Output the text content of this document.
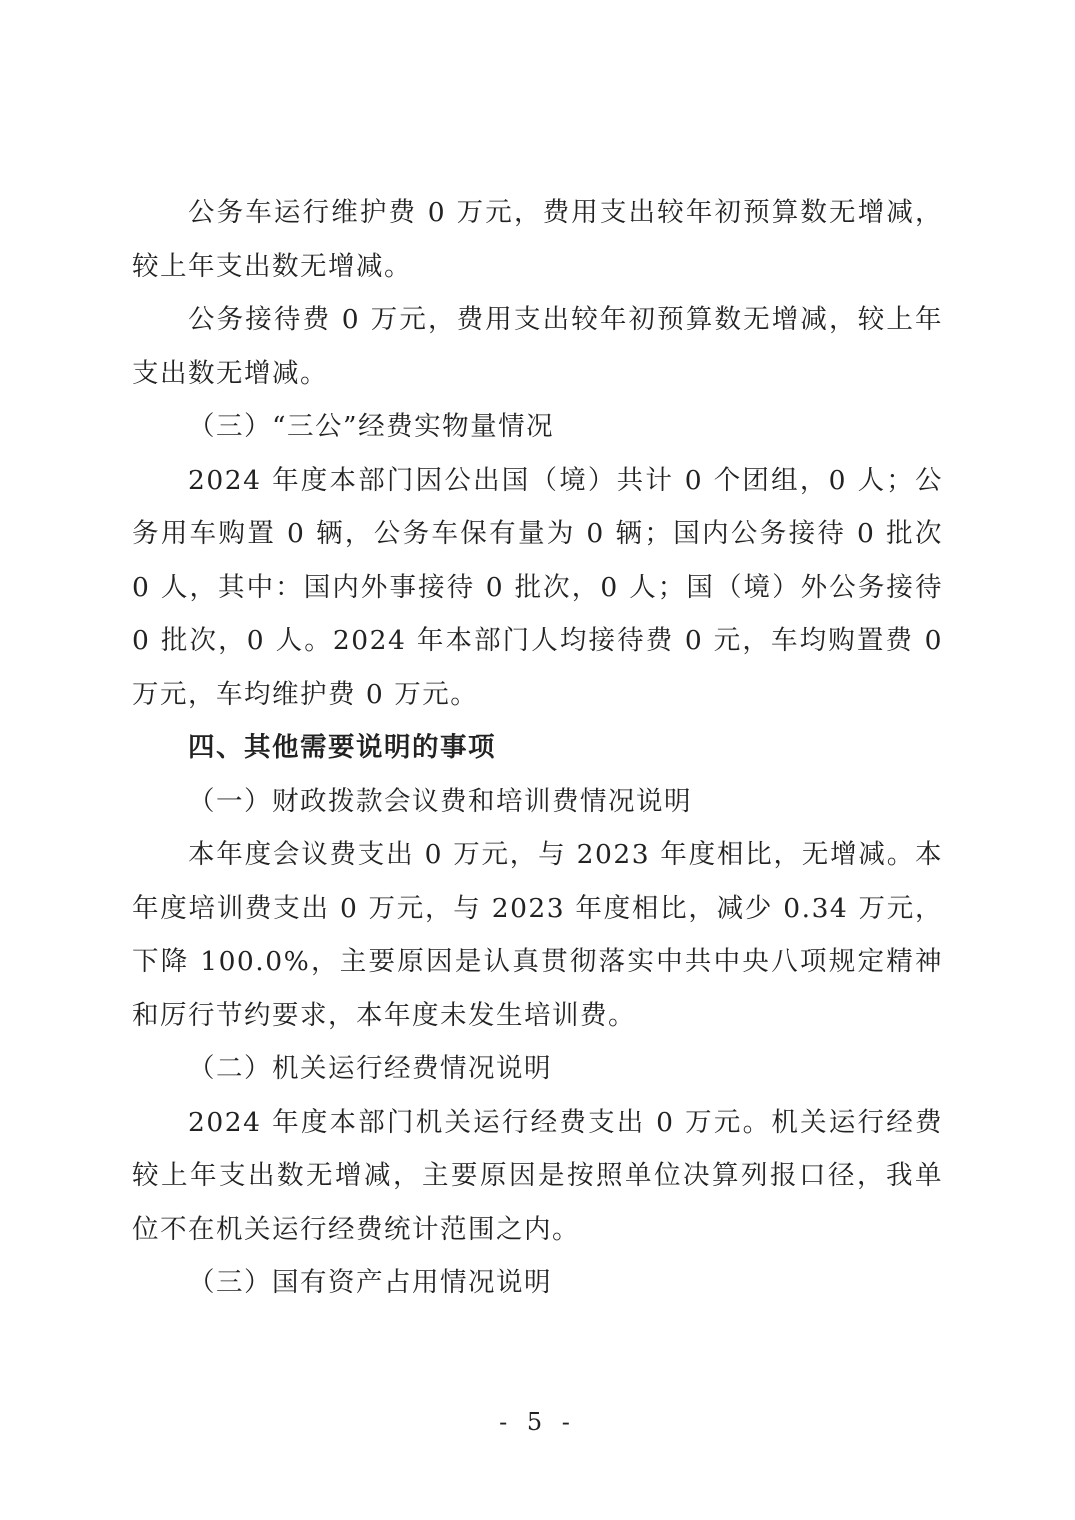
公务车运行维护费 0 万元，费用支出较年初预算数无增减，较上年支出数无增减。

公务接待费 0 万元，费用支出较年初预算数无增减，较上年支出数无增减。

（三）“三公”经费实物量情况

2024 年度本部门因公出国（境）共计 0 个团组，0 人；公务用车购置 0 辆，公务车保有量为 0 辆；国内公务接待 0 批次 0 人，其中：国内外事接待 0 批次，0 人；国（境）外公务接待 0 批次，0 人。2024 年本部门人均接待费 0 元，车均购置费 0 万元，车均维护费 0 万元。

四、其他需要说明的事项

（一）财政拨款会议费和培训费情况说明

本年度会议费支出 0 万元，与 2023 年度相比，无增减。本年度培训费支出 0 万元，与 2023 年度相比，减少 0.34 万元，下降 100.0%，主要原因是认真贯彻落实中共中央八项规定精神和厉行节约要求，本年度未发生培训费。

（二）机关运行经费情况说明

2024 年度本部门机关运行经费支出 0 万元。机关运行经费较上年支出数无增减，主要原因是按照单位决算列报口径，我单位不在机关运行经费统计范围之内。

（三）国有资产占用情况说明

- 5 -
